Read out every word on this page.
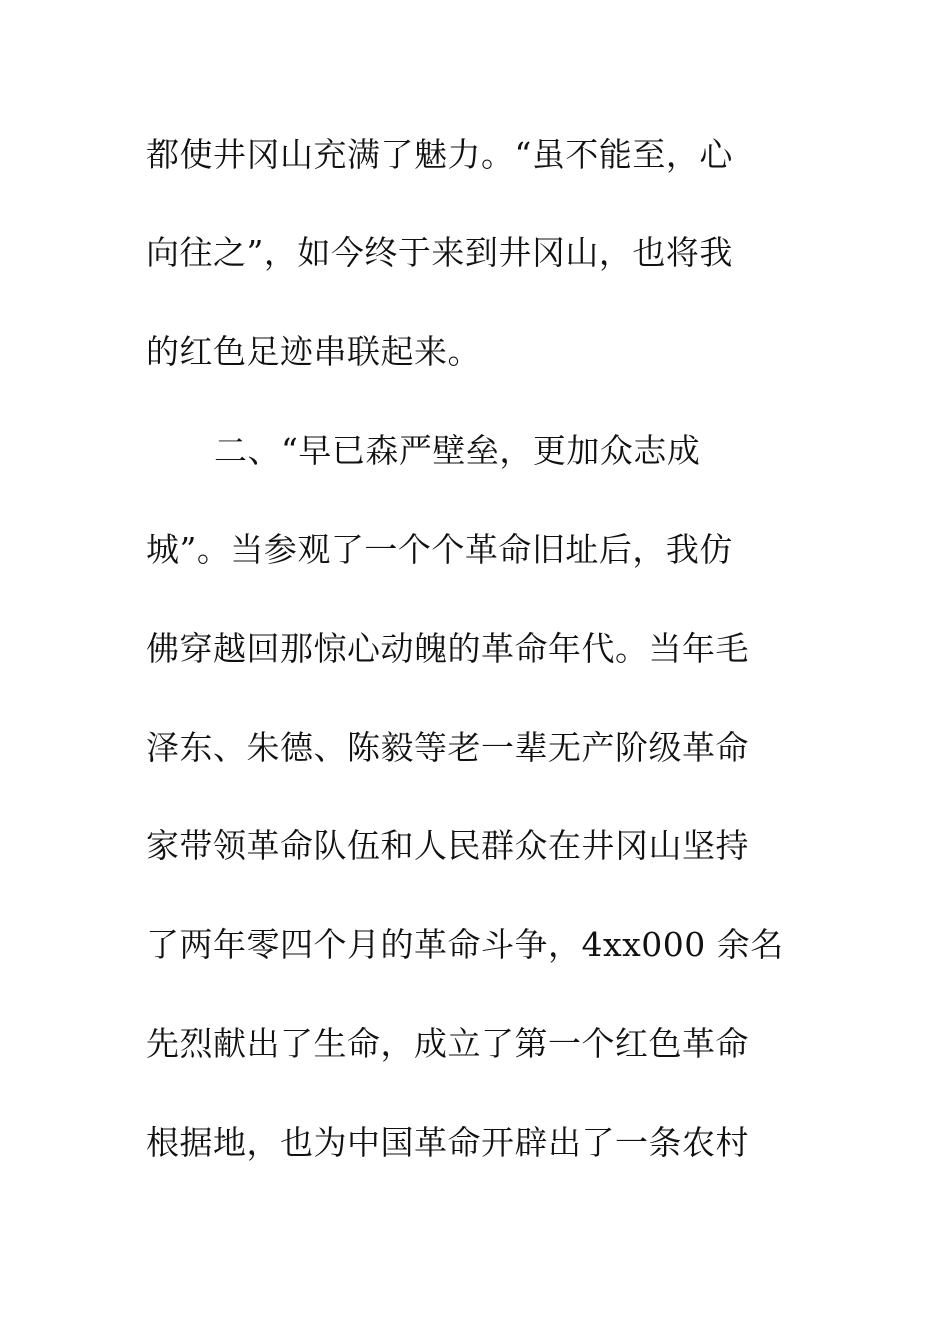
都使井冈山充满了魅力。“虽不能至，心
向往之”，如今终于来到井冈山，也将我
的红色足迹串联起来。
二、“早已森严壁垒，更加众志成
城”。当参观了一个个革命旧址后，我仿
佛穿越回那惊心动魄的革命年代。当年毛
泽东、朱德、陈毅等老一辈无产阶级革命
家带领革命队伍和人民群众在井冈山坚持
了两年零四个月的革命斗争，4xx000 余名
先烈献出了生命，成立了第一个红色革命
根据地，也为中国革命开辟出了一条农村
